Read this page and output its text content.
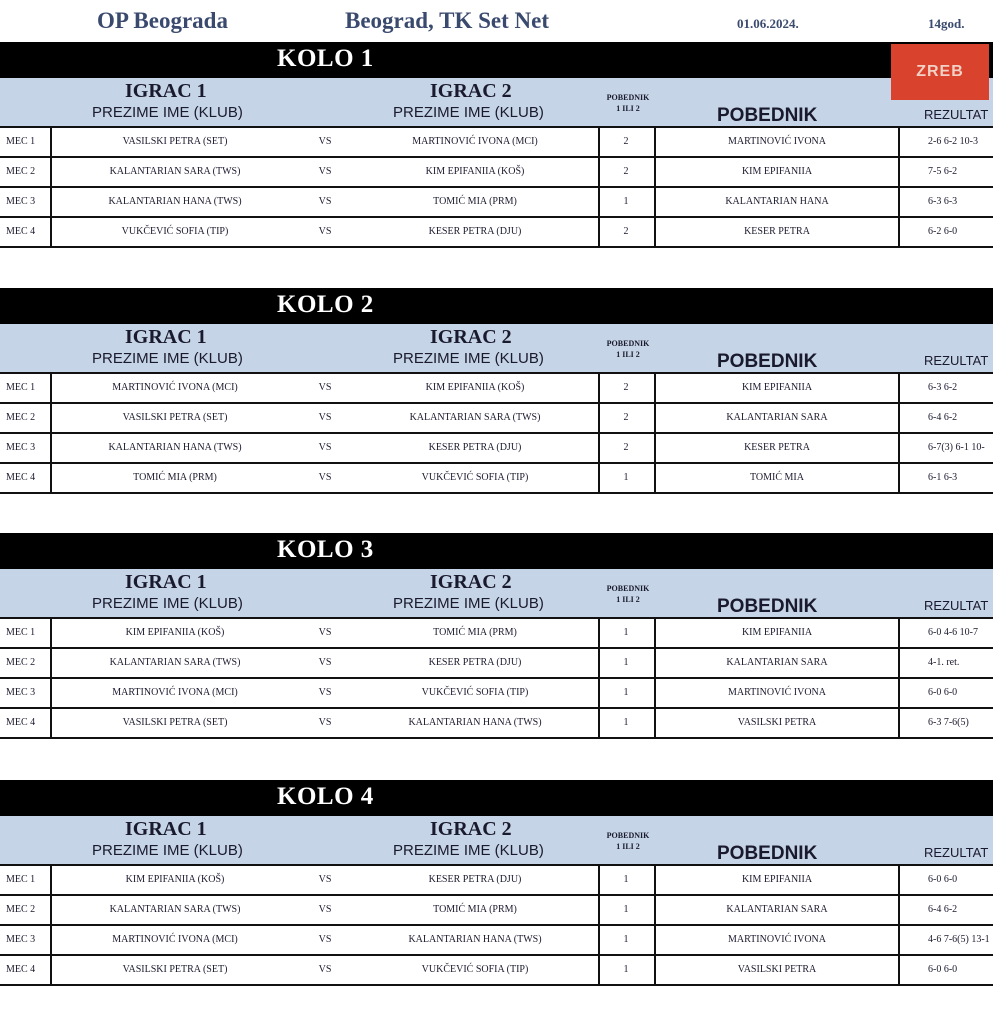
OP Beograda	Beograd, TK Set Net	01.06.2024.	14god.
KOLO 1
IGRAC 1	IGRAC 2
PREZIME IME (KLUB)	PREZIME IME (KLUB)
POBEDNIK
1 ILI 2	POBEDNIK	REZULTAT
MEC 1	VASILSKI PETRA (SET)	VS	MARTINOVIĆ IVONA (MCI)	2	MARTINOVIĆ IVONA	2-6 6-2 10-3
MEC 2	KALANTARIAN SARA (TWS)	VS	KIM EPIFANIIA (KOŠ)	2	KIM EPIFANIIA	7-5 6-2
MEC 3	KALANTARIAN HANA (TWS)	VS	TOMIĆ MIA (PRM)	1	KALANTARIAN HANA	6-3 6-3
MEC 4	VUKČEVIĆ SOFIA (TIP)	VS	KESER PETRA (DJU)	2	KESER PETRA	6-2 6-0
KOLO 2
IGRAC 1	IGRAC 2
PREZIME IME (KLUB)	PREZIME IME (KLUB)
POBEDNIK
1 ILI 2	POBEDNIK	REZULTAT
MEC 1	MARTINOVIĆ IVONA (MCI)	VS	KIM EPIFANIIA (KOŠ)	2	KIM EPIFANIIA	6-3 6-2
MEC 2	VASILSKI PETRA (SET)	VS	KALANTARIAN SARA (TWS)	2	KALANTARIAN SARA	6-4 6-2
MEC 3	KALANTARIAN HANA (TWS)	VS	KESER PETRA (DJU)	2	KESER PETRA	6-7(3) 6-1 10-
MEC 4	TOMIĆ MIA (PRM)	VS	VUKČEVIĆ SOFIA (TIP)	1	TOMIĆ MIA	6-1 6-3
KOLO 3
IGRAC 1	IGRAC 2
PREZIME IME (KLUB)	PREZIME IME (KLUB)
POBEDNIK
1 ILI 2	POBEDNIK	REZULTAT
MEC 1	KIM EPIFANIIA (KOŠ)	VS	TOMIĆ MIA (PRM)	1	KIM EPIFANIIA	6-0 4-6 10-7
MEC 2	KALANTARIAN SARA (TWS)	VS	KESER PETRA (DJU)	1	KALANTARIAN SARA	4-1. ret.
MEC 3	MARTINOVIĆ IVONA (MCI)	VS	VUKČEVIĆ SOFIA (TIP)	1	MARTINOVIĆ IVONA	6-0 6-0
MEC 4	VASILSKI PETRA (SET)	VS	KALANTARIAN HANA (TWS)	1	VASILSKI PETRA	6-3 7-6(5)
KOLO 4
IGRAC 1	IGRAC 2
PREZIME IME (KLUB)	PREZIME IME (KLUB)
POBEDNIK
1 ILI 2	POBEDNIK	REZULTAT
MEC 1	KIM EPIFANIIA (KOŠ)	VS	KESER PETRA (DJU)	1	KIM EPIFANIIA	6-0 6-0
MEC 2	KALANTARIAN SARA (TWS)	VS	TOMIĆ MIA (PRM)	1	KALANTARIAN SARA	6-4 6-2
MEC 3	MARTINOVIĆ IVONA (MCI)	VS	KALANTARIAN HANA (TWS)	1	MARTINOVIĆ IVONA	4-6 7-6(5) 13-1
MEC 4	VASILSKI PETRA (SET)	VS	VUKČEVIĆ SOFIA (TIP)	1	VASILSKI PETRA	6-0 6-0
ZREB
